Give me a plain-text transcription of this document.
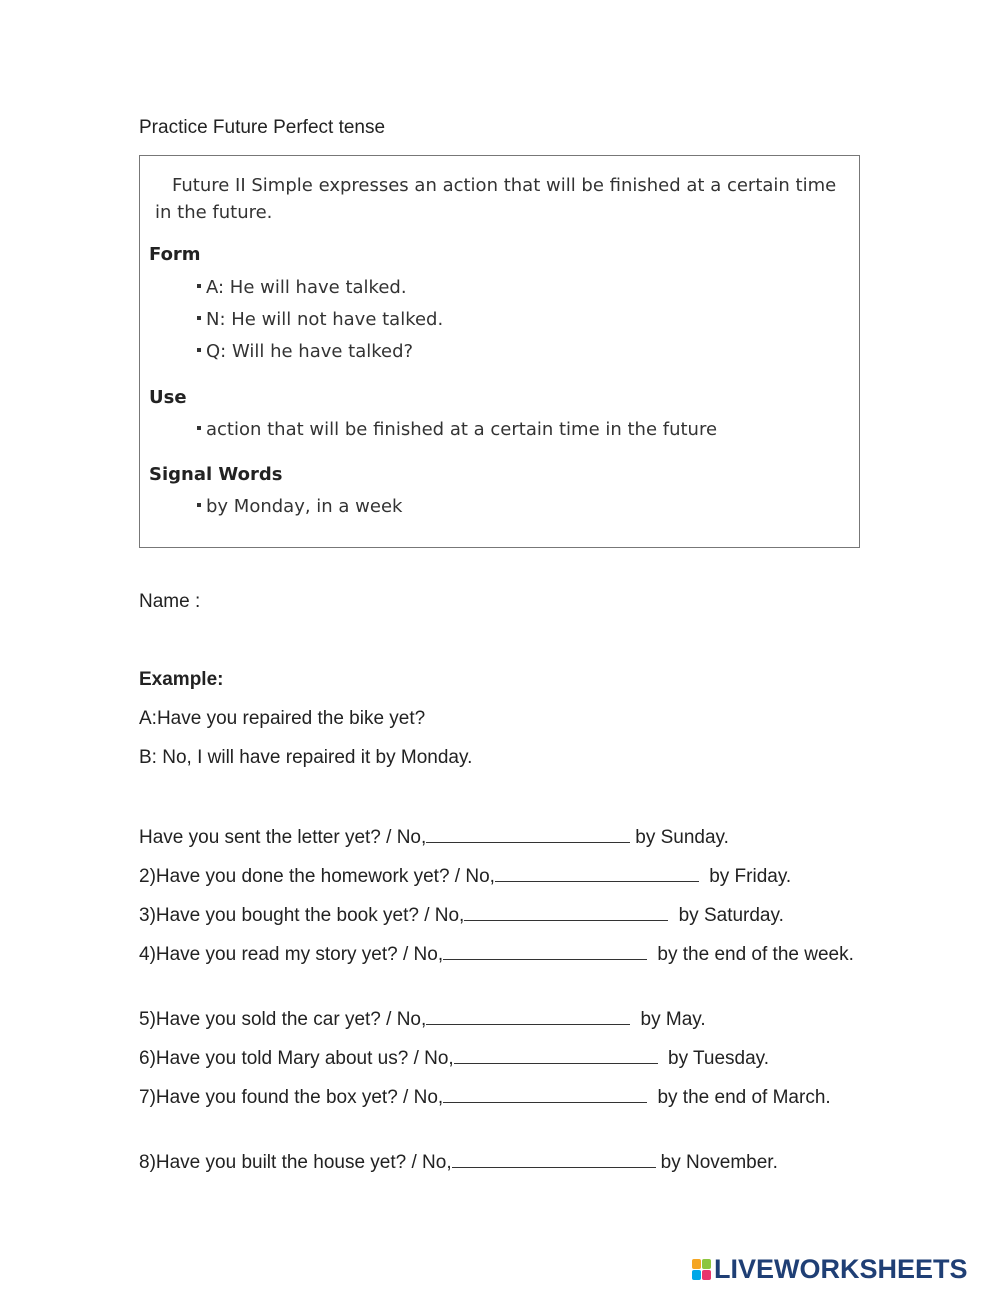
Practice Future Perfect tense
Future II Simple expresses an action that will be finished at a certain time
in the future.
Form
A: He will have talked.
N: He will not have talked.
Q: Will he have talked?
Use
action that will be finished at a certain time in the future
Signal Words
by Monday, in a week
Name :
Example:
A:Have you repaired the bike yet?
B: No, I will have repaired it by Monday.
Have you sent the letter yet? / No,	by Sunday.
2)Have you done the homework yet? / No,	by Friday.
3)Have you bought the book yet? / No,	by Saturday.
4)Have you read my story yet? / No,	by the end of the week.
5)Have you sold the car yet? / No,	by May.
6)Have you told Mary about us? / No,	by Tuesday.
7)Have you found the box yet? / No,	by the end of March.
8)Have you built the house yet? / No,	by November.
LIVEWORKSHEETS
